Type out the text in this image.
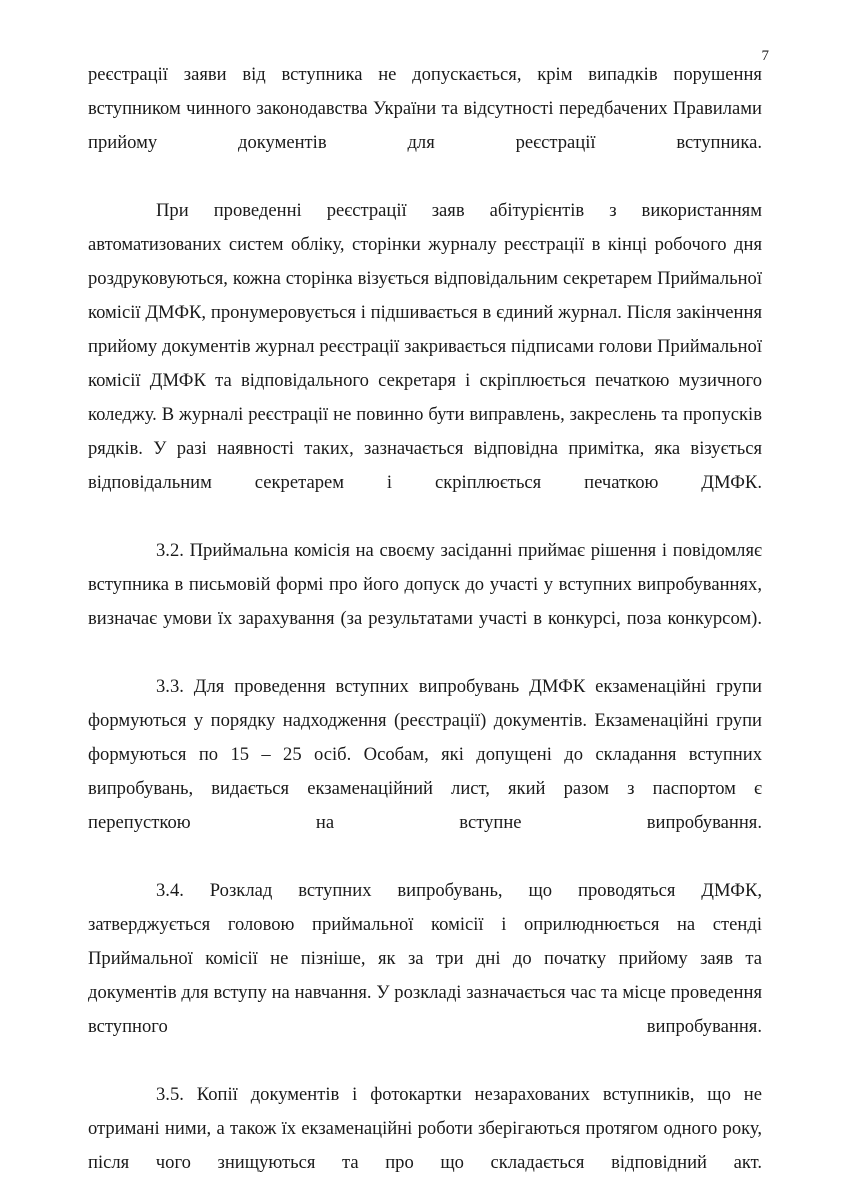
7

реєстрації заяви від вступника не допускається, крім випадків порушення вступником чинного законодавства України та відсутності передбачених Правилами прийому документів для реєстрації вступника.

При проведенні реєстрації заяв абітурієнтів з використанням автоматизованих систем обліку, сторінки журналу реєстрації в кінці робочого дня роздруковуються, кожна сторінка візується відповідальним секретарем Приймальної комісії ДМФК, пронумеровується і підшивається в єдиний журнал. Після закінчення прийому документів журнал реєстрації закривається підписами голови Приймальної комісії ДМФК та відповідального секретаря і скріплюється печаткою музичного коледжу. В журналі реєстрації не повинно бути виправлень, закреслень та пропусків рядків. У разі наявності таких, зазначається відповідна примітка, яка візується відповідальним секретарем і скріплюється печаткою ДМФК.

3.2. Приймальна комісія на своєму засіданні приймає рішення і повідомляє вступника в письмовій формі про його допуск до участі у вступних випробуваннях, визначає умови їх зарахування (за результатами участі в конкурсі, поза конкурсом).

3.3. Для проведення вступних випробувань ДМФК екзаменаційні групи формуються у порядку надходження (реєстрації) документів. Екзаменаційні групи формуються по 15 – 25 осіб. Особам, які допущені до складання вступних випробувань, видається екзаменаційний лист, який разом з паспортом є перепусткою на вступне випробування.

3.4. Розклад вступних випробувань, що проводяться ДМФК, затверджується головою приймальної комісії і оприлюднюється на стенді Приймальної комісії не пізніше, як за три дні до початку прийому заяв та документів для вступу на навчання. У розкладі зазначається час та місце проведення вступного випробування.

3.5. Копії документів і фотокартки незарахованих вступників, що не отримані ними, а також їх екзаменаційні роботи зберігаються протягом одного року, після чого знищуються та про що складається відповідний акт.
